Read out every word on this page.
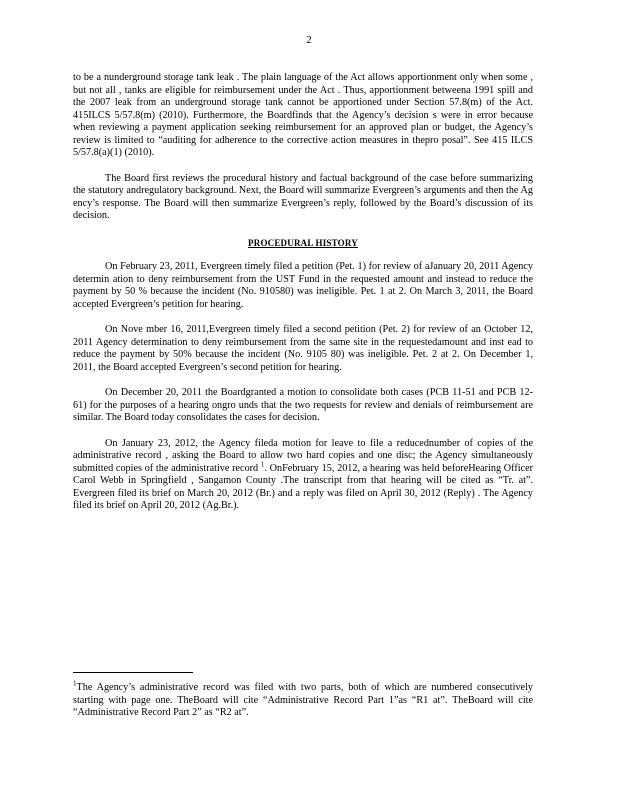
2

to be a nunderground storage tank leak . The plain language of the Act allows apportionment only when some , but not all , tanks are eligible for reimbursement under the Act . Thus, apportionment betweena 1991 spill and the 2007 leak from an underground storage tank cannot be apportioned under Section 57.8(m) of the Act. 415ILCS 5/57.8(m) (2010). Furthermore, the Boardfinds that the Agency’s decision s were in error because when reviewing a payment application seeking reimbursement for an approved plan or budget, the Agency’s review is limited to “auditing for adherence to the corrective action measures in thepro posal”. See 415 ILCS 5/57.8(a)(1) (2010).

The Board first reviews the procedural history and factual background of the case before summarizing the statutory andregulatory background. Next, the Board will summarize Evergreen’s arguments and then the Ag ency’s response. The Board will then summarize Evergreen’s reply, followed by the Board’s discussion of its decision.

PROCEDURAL HISTORY

On February 23, 2011, Evergreen timely filed a petition (Pet. 1) for review of aJanuary 20, 2011 Agency determin ation to deny reimbursement from the UST Fund in the requested amount and instead to reduce the payment by 50 % because the incident (No. 910580) was ineligible. Pet. 1 at 2. On March 3, 2011, the Board accepted Evergreen’s petition for hearing.

On Nove mber 16, 2011,Evergreen timely filed a second petition (Pet. 2) for review of an October 12, 2011 Agency determination to deny reimbursement from the same site in the requestedamount and inst ead to reduce the payment by 50% because the incident (No. 9105 80) was ineligible. Pet. 2 at 2. On December 1, 2011, the Board accepted Evergreen’s second petition for hearing.

On December 20, 2011 the Boardgranted a motion to consolidate both cases (PCB 11-51 and PCB 12-61) for the purposes of a hearing ongro unds that the two requests for review and denials of reimbursement are similar. The Board today consolidates the cases for decision.

On January 23, 2012, the Agency fileda motion for leave to file a reducednumber of copies of the administrative record , asking the Board to allow two hard copies and one disc; the Agency simultaneously submitted copies of the administrative record $^1$. OnFebruary 15, 2012, a hearing was held beforeHearing Officer Carol Webb in Springfield , Sangamon County .The transcript from that hearing will be cited as “Tr. at”. Evergreen filed its brief on March 20, 2012 (Br.) and a reply was filed on April 30, 2012 (Reply) . The Agency filed its brief on April 20, 2012 (Ag.Br.).

$^1$The Agency’s administrative record was filed with two parts, both of which are numbered consecutively starting with page one. TheBoard will cite “Administrative Record Part 1”as “R1 at”. TheBoard will cite “Administrative Record Part 2” as “R2 at”.
